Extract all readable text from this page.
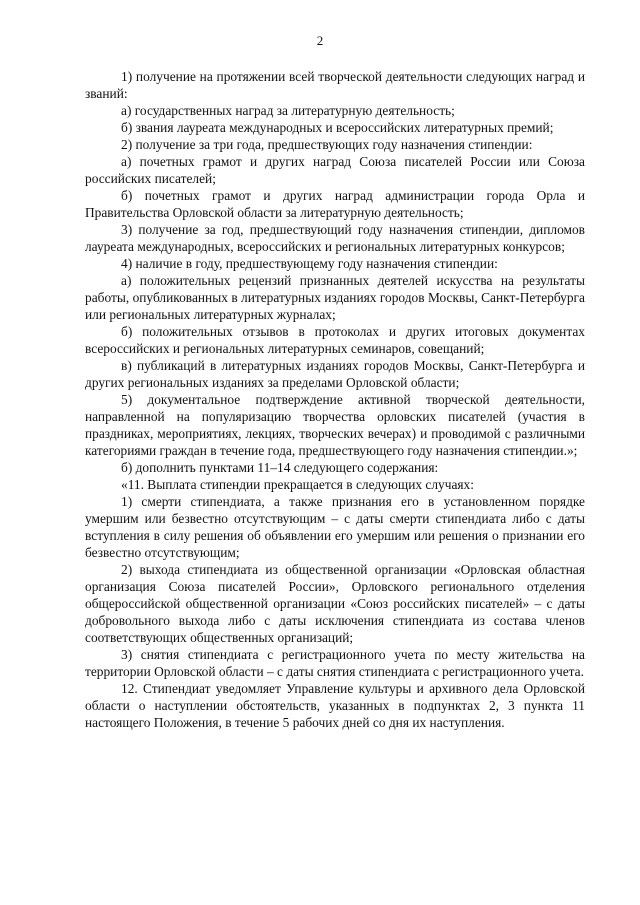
2

1) получение на протяжении всей творческой деятельности следующих наград и званий:

а) государственных наград за литературную деятельность;

б) звания лауреата международных и всероссийских литературных премий;

2) получение за три года, предшествующих году назначения стипендии:

а) почетных грамот и других наград Союза писателей России или Союза российских писателей;

б) почетных грамот и других наград администрации города Орла и Правительства Орловской области за литературную деятельность;

3) получение за год, предшествующий году назначения стипендии, дипломов лауреата международных, всероссийских и региональных литературных конкурсов;

4) наличие в году, предшествующему году назначения стипендии:

а) положительных рецензий признанных деятелей искусства на результаты работы, опубликованных в литературных изданиях городов Москвы, Санкт-Петербурга или региональных литературных журналах;

б) положительных отзывов в протоколах и других итоговых документах всероссийских и региональных литературных семинаров, совещаний;

в) публикаций в литературных изданиях городов Москвы, Санкт-Петербурга и других региональных изданиях за пределами Орловской области;

5) документальное подтверждение активной творческой деятельности, направленной на популяризацию творчества орловских писателей (участия в праздниках, мероприятиях, лекциях, творческих вечерах) и проводимой с различными категориями граждан в течение года, предшествующего году назначения стипендии.»;

б) дополнить пунктами 11–14 следующего содержания:

«11. Выплата стипендии прекращается в следующих случаях:

1) смерти стипендиата, а также признания его в установленном порядке умершим или безвестно отсутствующим – с даты смерти стипендиата либо с даты вступления в силу решения об объявлении его умершим или решения о признании его безвестно отсутствующим;

2) выхода стипендиата из общественной организации «Орловская областная организация Союза писателей России», Орловского регионального отделения общероссийской общественной организации «Союз российских писателей» – с даты добровольного выхода либо с даты исключения стипендиата из состава членов соответствующих общественных организаций;

3) снятия стипендиата с регистрационного учета по месту жительства на территории Орловской области – с даты снятия стипендиата с регистрационного учета.

12. Стипендиат уведомляет Управление культуры и архивного дела Орловской области о наступлении обстоятельств, указанных в подпунктах 2, 3 пункта 11 настоящего Положения, в течение 5 рабочих дней со дня их наступления.
